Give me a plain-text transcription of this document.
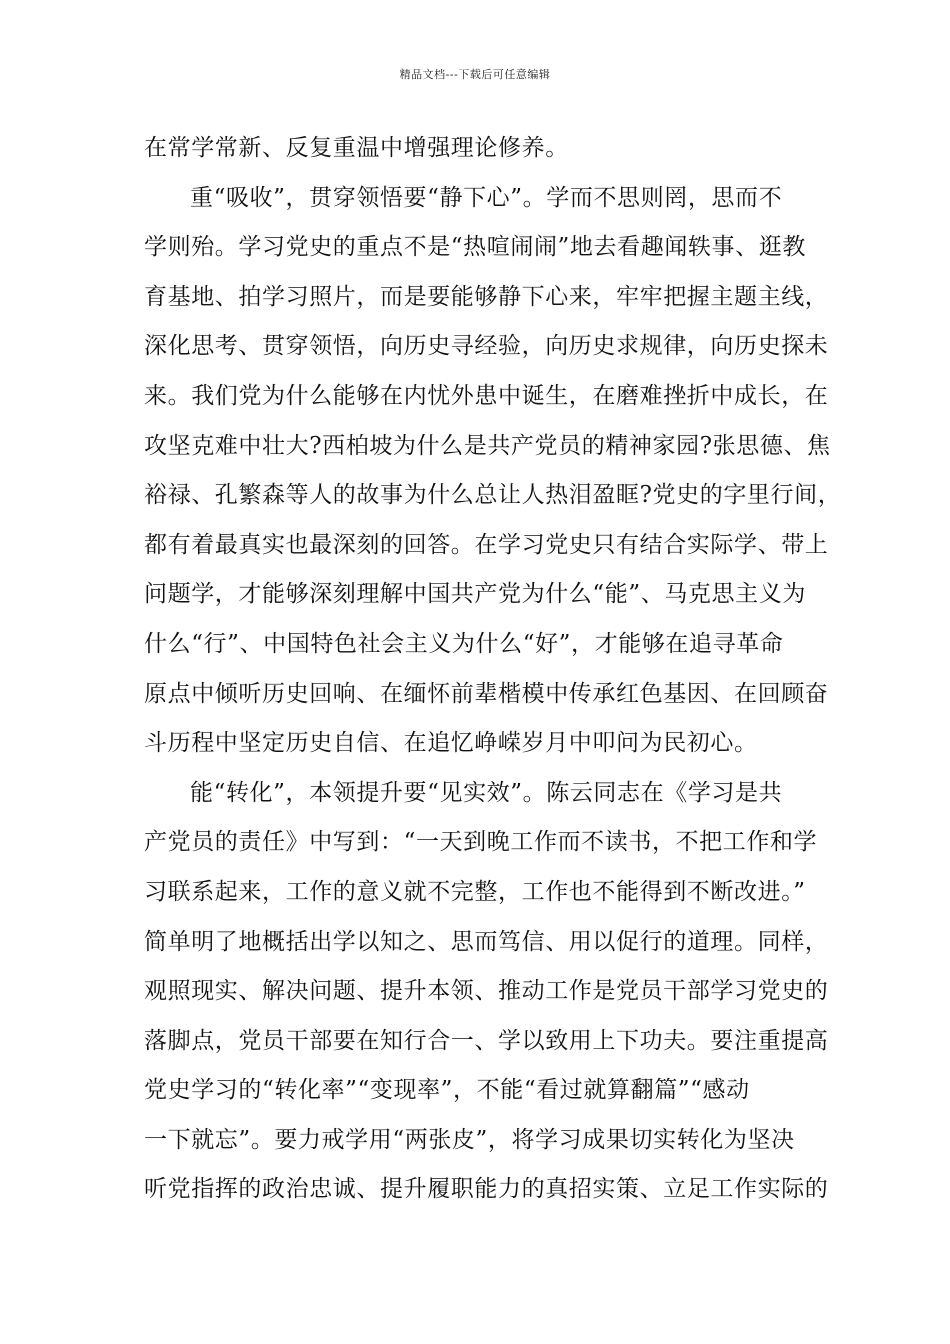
精品文档---下载后可任意编辑
在常学常新、反复重温中增强理论修养。
重“吸收”，贯穿领悟要“静下心”。学而不思则罔，思而不
学则殆。学习党史的重点不是“热喧闹闹”地去看趣闻轶事、逛教
育基地、拍学习照片，而是要能够静下心来，牢牢把握主题主线，
深化思考、贯穿领悟，向历史寻经验，向历史求规律，向历史探未
来。我们党为什么能够在内忧外患中诞生，在磨难挫折中成长，在
攻坚克难中壮大?西柏坡为什么是共产党员的精神家园?张思德、焦
裕禄、孔繁森等人的故事为什么总让人热泪盈眶?党史的字里行间，
都有着最真实也最深刻的回答。在学习党史只有结合实际学、带上
问题学，才能够深刻理解中国共产党为什么“能”、马克思主义为
什么“行”、中国特色社会主义为什么“好”，才能够在追寻革命
原点中倾听历史回响、在缅怀前辈楷模中传承红色基因、在回顾奋
斗历程中坚定历史自信、在追忆峥嵘岁月中叩问为民初心。
能“转化”，本领提升要“见实效”。陈云同志在《学习是共
产党员的责任》中写到：“一天到晚工作而不读书，不把工作和学
习联系起来，工作的意义就不完整，工作也不能得到不断改进。”
简单明了地概括出学以知之、思而笃信、用以促行的道理。同样，
观照现实、解决问题、提升本领、推动工作是党员干部学习党史的
落脚点，党员干部要在知行合一、学以致用上下功夫。要注重提高
党史学习的“转化率”“变现率”，不能“看过就算翻篇”“感动
一下就忘”。要力戒学用“两张皮”，将学习成果切实转化为坚决
听党指挥的政治忠诚、提升履职能力的真招实策、立足工作实际的
